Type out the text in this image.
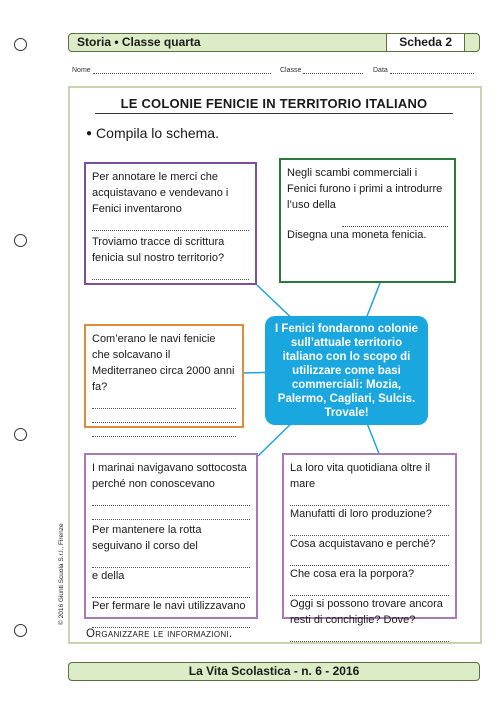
Storia • Classe quarta	Scheda 2
Nome	Classe	Data
LE COLONIE FENICIE IN TERRITORIO ITALIANO
● Compila lo schema.

Per annotare le merci che acquistavano e vendevano i Fenici inventarono

Troviamo tracce di scrittura fenicia sul nostro territorio?

Negli scambi commerciali i Fenici furono i primi a introdurre l’uso della

Disegna una moneta fenicia.

Com’erano le navi fenicie che solcavano il Mediterraneo circa 2000 anni fa?

I Fenici fondarono colonie sull’attuale territorio italiano con lo scopo di utilizzare come basi commerciali: Mozia, Palermo, Cagliari, Sulcis. Trovale!

I marinai navigavano sottocosta perché non conoscevano

Per mantenere la rotta seguivano il corso del

e della

Per fermare le navi utilizzavano

La loro vita quotidiana oltre il mare

Manufatti di loro produzione?

Cosa acquistavano e perché?

Che cosa era la porpora?

Oggi si possono trovare ancora resti di conchiglie? Dove?

Organizzare le informazioni.
© 2016 Giunti Scuola S.r.l., Firenze
La Vita Scolastica - n. 6 - 2016
